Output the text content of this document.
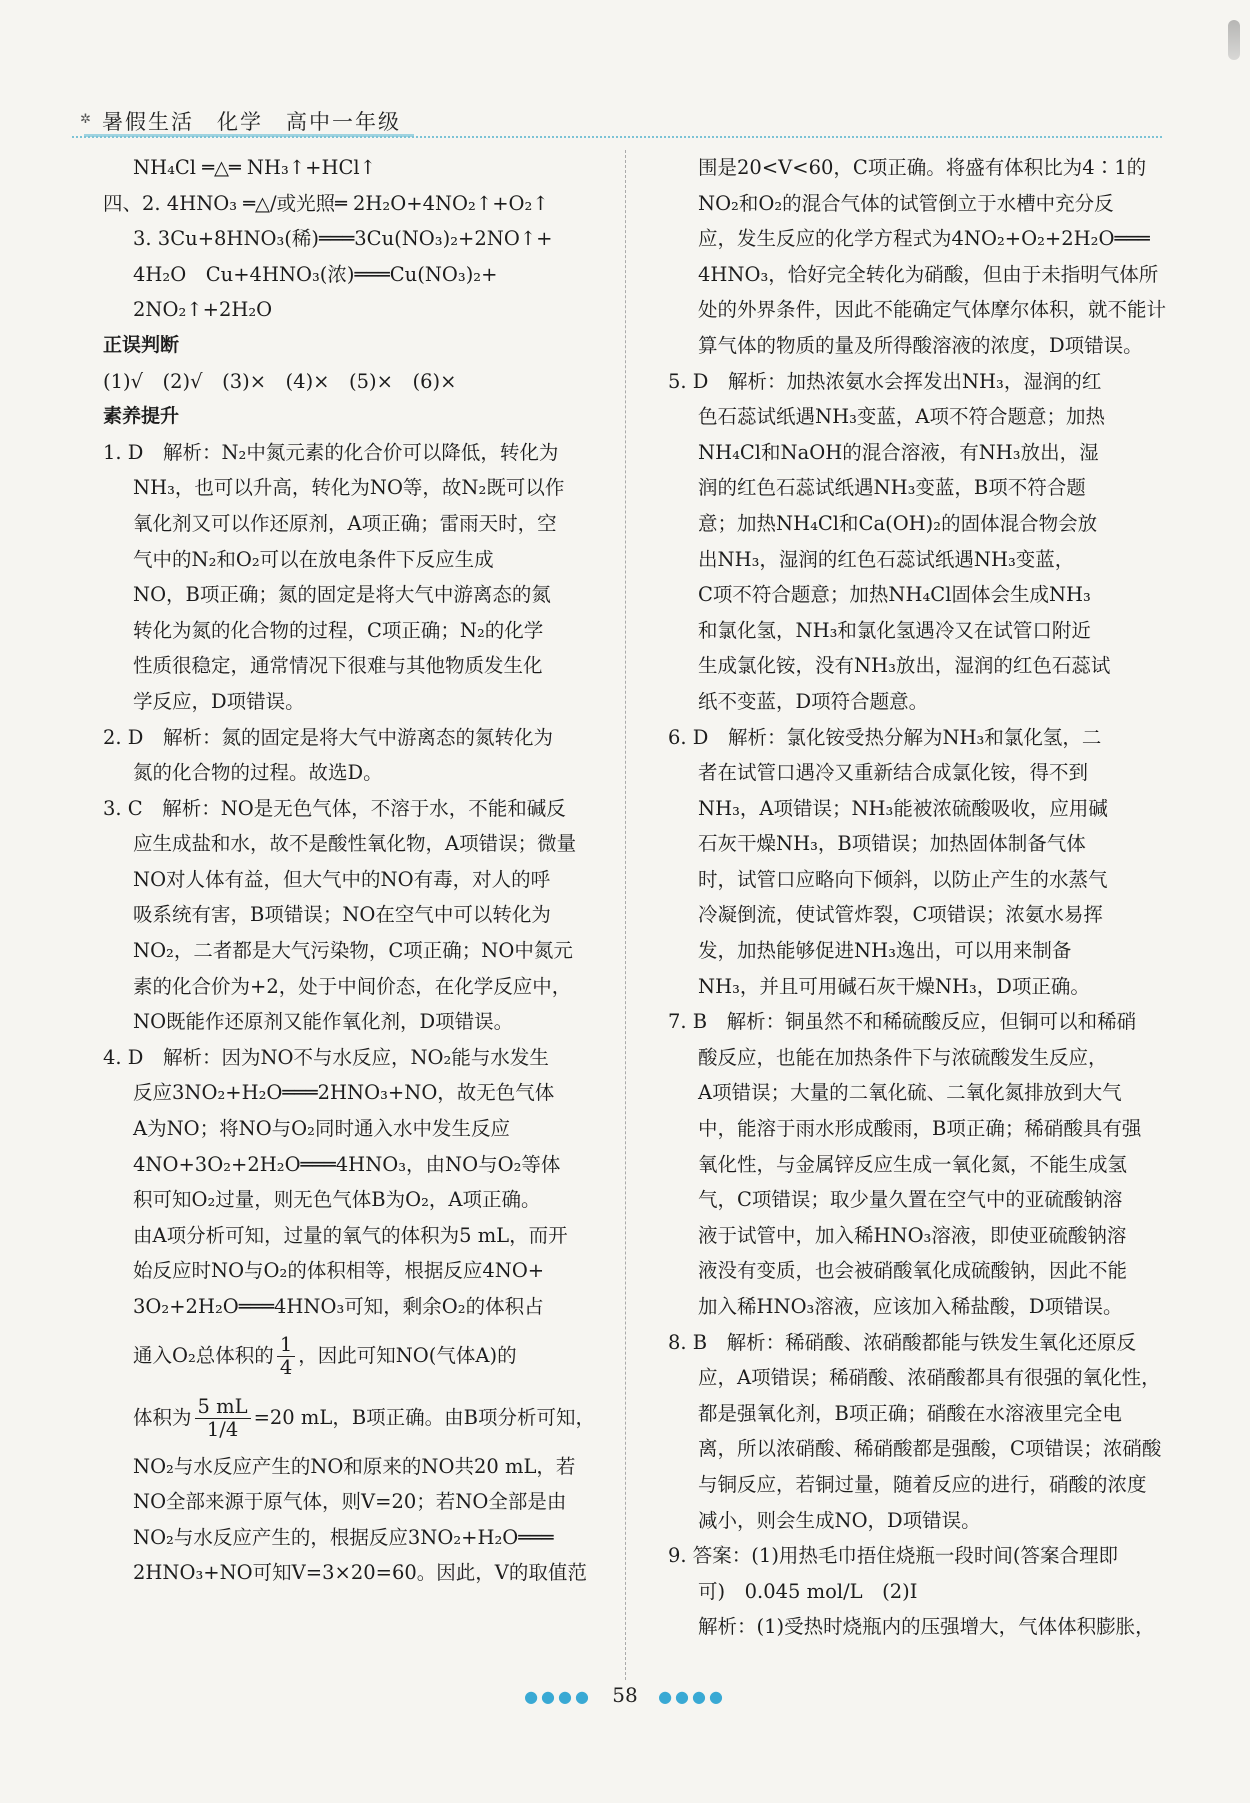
✲ 暑假生活　化学　高中一年级

NH₄Cl ═△═ NH₃↑+HCl↑

四、2. 4HNO₃ ═△/或光照═ 2H₂O+4NO₂↑+O₂↑

3. 3Cu+8HNO₃(稀)═══3Cu(NO₃)₂+2NO↑+

4H₂O　Cu+4HNO₃(浓)═══Cu(NO₃)₂+

2NO₂↑+2H₂O

正误判断

(1)√　(2)√　(3)×　(4)×　(5)×　(6)×

素养提升

1. D　解析：N₂中氮元素的化合价可以降低，转化为

NH₃，也可以升高，转化为NO等，故N₂既可以作

氧化剂又可以作还原剂，A项正确；雷雨天时，空

气中的N₂和O₂可以在放电条件下反应生成

NO，B项正确；氮的固定是将大气中游离态的氮

转化为氮的化合物的过程，C项正确；N₂的化学

性质很稳定，通常情况下很难与其他物质发生化

学反应，D项错误。

2. D　解析：氮的固定是将大气中游离态的氮转化为

氮的化合物的过程。故选D。

3. C　解析：NO是无色气体，不溶于水，不能和碱反

应生成盐和水，故不是酸性氧化物，A项错误；微量

NO对人体有益，但大气中的NO有毒，对人的呼

吸系统有害，B项错误；NO在空气中可以转化为

NO₂，二者都是大气污染物，C项正确；NO中氮元

素的化合价为+2，处于中间价态，在化学反应中，

NO既能作还原剂又能作氧化剂，D项错误。

4. D　解析：因为NO不与水反应，NO₂能与水发生

反应3NO₂+H₂O═══2HNO₃+NO，故无色气体

A为NO；将NO与O₂同时通入水中发生反应

4NO+3O₂+2H₂O═══4HNO₃，由NO与O₂等体

积可知O₂过量，则无色气体B为O₂，A项正确。

由A项分析可知，过量的氧气的体积为5 mL，而开

始反应时NO与O₂的体积相等，根据反应4NO+

3O₂+2H₂O═══4HNO₃可知，剩余O₂的体积占

通入O₂总体积的 $\frac{1}{4}$ ，因此可知NO(气体A)的

体积为 $\frac{5 mL}{1/4} =20$ mL，B项正确。由B项分析可知，

NO₂与水反应产生的NO和原来的NO共20 mL，若

NO全部来源于原气体，则V=20；若NO全部是由

NO₂与水反应产生的，根据反应3NO₂+H₂O═══

2HNO₃+NO可知V=3×20=60。因此，V的取值范

围是20<V<60，C项正确。将盛有体积比为4∶1的

NO₂和O₂的混合气体的试管倒立于水槽中充分反

应，发生反应的化学方程式为4NO₂+O₂+2H₂O═══

4HNO₃，恰好完全转化为硝酸，但由于未指明气体所

处的外界条件，因此不能确定气体摩尔体积，就不能计

算气体的物质的量及所得酸溶液的浓度，D项错误。

5. D　解析：加热浓氨水会挥发出NH₃，湿润的红

色石蕊试纸遇NH₃变蓝，A项不符合题意；加热

NH₄Cl和NaOH的混合溶液，有NH₃放出，湿

润的红色石蕊试纸遇NH₃变蓝，B项不符合题

意；加热NH₄Cl和Ca(OH)₂的固体混合物会放

出NH₃，湿润的红色石蕊试纸遇NH₃变蓝，

C项不符合题意；加热NH₄Cl固体会生成NH₃

和氯化氢，NH₃和氯化氢遇冷又在试管口附近

生成氯化铵，没有NH₃放出，湿润的红色石蕊试

纸不变蓝，D项符合题意。

6. D　解析：氯化铵受热分解为NH₃和氯化氢，二

者在试管口遇冷又重新结合成氯化铵，得不到

NH₃，A项错误；NH₃能被浓硫酸吸收，应用碱

石灰干燥NH₃，B项错误；加热固体制备气体

时，试管口应略向下倾斜，以防止产生的水蒸气

冷凝倒流，使试管炸裂，C项错误；浓氨水易挥

发，加热能够促进NH₃逸出，可以用来制备

NH₃，并且可用碱石灰干燥NH₃，D项正确。

7. B　解析：铜虽然不和稀硫酸反应，但铜可以和稀硝

酸反应，也能在加热条件下与浓硫酸发生反应，

A项错误；大量的二氧化硫、二氧化氮排放到大气

中，能溶于雨水形成酸雨，B项正确；稀硝酸具有强

氧化性，与金属锌反应生成一氧化氮，不能生成氢

气，C项错误；取少量久置在空气中的亚硫酸钠溶

液于试管中，加入稀HNO₃溶液，即使亚硫酸钠溶

液没有变质，也会被硝酸氧化成硫酸钠，因此不能

加入稀HNO₃溶液，应该加入稀盐酸，D项错误。

8. B　解析：稀硝酸、浓硝酸都能与铁发生氧化还原反

应，A项错误；稀硝酸、浓硝酸都具有很强的氧化性，

都是强氧化剂，B项正确；硝酸在水溶液里完全电

离，所以浓硝酸、稀硝酸都是强酸，C项错误；浓硝酸

与铜反应，若铜过量，随着反应的进行，硝酸的浓度

减小，则会生成NO，D项错误。

9. 答案：(1)用热毛巾捂住烧瓶一段时间(答案合理即

可)　0.045 mol/L　(2)Ⅰ

解析：(1)受热时烧瓶内的压强增大，气体体积膨胀，

●●●● 58 ●●●●
